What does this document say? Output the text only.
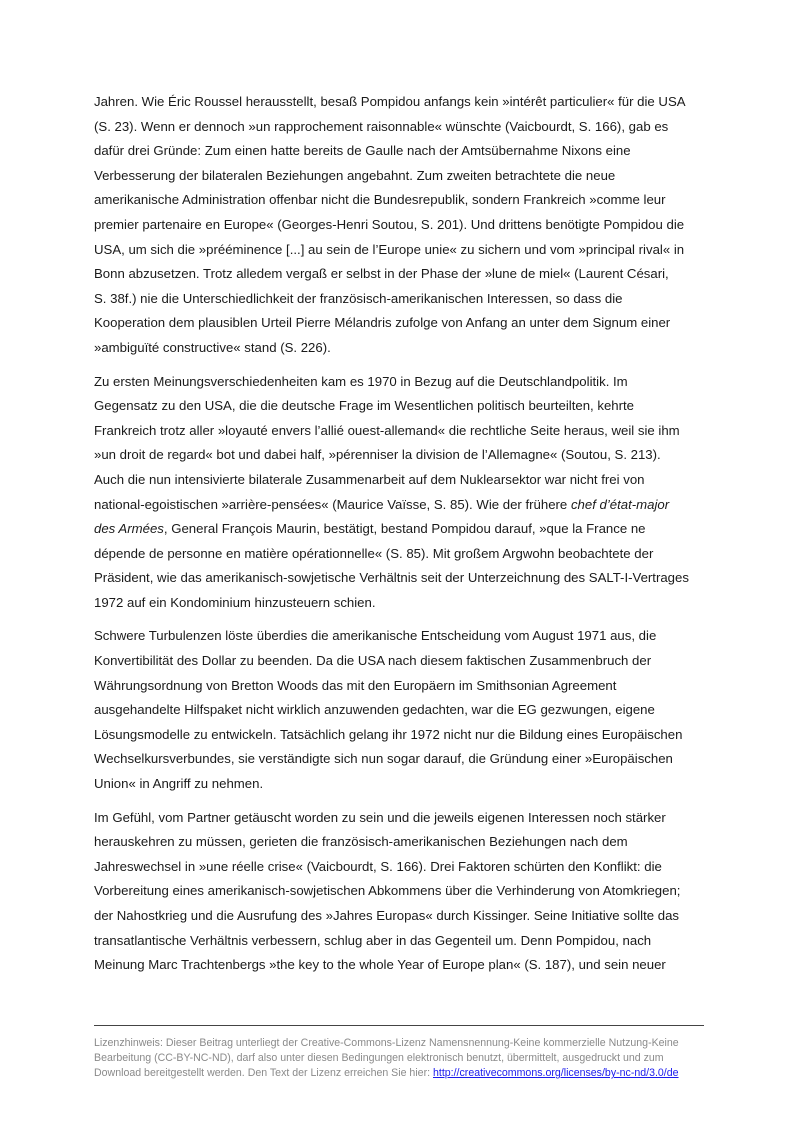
Jahren. Wie Éric Roussel herausstellt, besaß Pompidou anfangs kein »intérêt particulier« für die USA
(S. 23). Wenn er dennoch »un rapprochement raisonnable« wünschte (Vaicbourdt, S. 166), gab es
dafür drei Gründe: Zum einen hatte bereits de Gaulle nach der Amtsübernahme Nixons eine
Verbesserung der bilateralen Beziehungen angebahnt. Zum zweiten betrachtete die neue
amerikanische Administration offenbar nicht die Bundesrepublik, sondern Frankreich »comme leur
premier partenaire en Europe« (Georges-Henri Soutou, S. 201). Und drittens benötigte Pompidou die
USA, um sich die »prééminence [...] au sein de l’Europe unie« zu sichern und vom »principal rival« in
Bonn abzusetzen. Trotz alledem vergaß er selbst in der Phase der »lune de miel« (Laurent Césari,
S. 38f.) nie die Unterschiedlichkeit der französisch-amerikanischen Interessen, so dass die
Kooperation dem plausiblen Urteil Pierre Mélandris zufolge von Anfang an unter dem Signum einer
»ambiguïté constructive« stand (S. 226).

Zu ersten Meinungsverschiedenheiten kam es 1970 in Bezug auf die Deutschlandpolitik. Im
Gegensatz zu den USA, die die deutsche Frage im Wesentlichen politisch beurteilten, kehrte
Frankreich trotz aller »loyauté envers l’allié ouest-allemand« die rechtliche Seite heraus, weil sie ihm
»un droit de regard« bot und dabei half, »pérenniser la division de l’Allemagne« (Soutou, S. 213).
Auch die nun intensivierte bilaterale Zusammenarbeit auf dem Nuklearsektor war nicht frei von
national-egoistischen »arrière-pensées« (Maurice Vaïsse, S. 85). Wie der frühere chef d’état-major
des Armées, General François Maurin, bestätigt, bestand Pompidou darauf, »que la France ne
dépende de personne en matière opérationnelle« (S. 85). Mit großem Argwohn beobachtete der
Präsident, wie das amerikanisch-sowjetische Verhältnis seit der Unterzeichnung des SALT-I-Vertrages
1972 auf ein Kondominium hinzusteuern schien.

Schwere Turbulenzen löste überdies die amerikanische Entscheidung vom August 1971 aus, die
Konvertibilität des Dollar zu beenden. Da die USA nach diesem faktischen Zusammenbruch der
Währungsordnung von Bretton Woods das mit den Europäern im Smithsonian Agreement
ausgehandelte Hilfspaket nicht wirklich anzuwenden gedachten, war die EG gezwungen, eigene
Lösungsmodelle zu entwickeln. Tatsächlich gelang ihr 1972 nicht nur die Bildung eines Europäischen
Wechselkursverbundes, sie verständigte sich nun sogar darauf, die Gründung einer »Europäischen
Union« in Angriff zu nehmen.

Im Gefühl, vom Partner getäuscht worden zu sein und die jeweils eigenen Interessen noch stärker
herauskehren zu müssen, gerieten die französisch-amerikanischen Beziehungen nach dem
Jahreswechsel in »une réelle crise« (Vaicbourdt, S. 166). Drei Faktoren schürten den Konflikt: die
Vorbereitung eines amerikanisch-sowjetischen Abkommens über die Verhinderung von Atomkriegen;
der Nahostkrieg und die Ausrufung des »Jahres Europas« durch Kissinger. Seine Initiative sollte das
transatlantische Verhältnis verbessern, schlug aber in das Gegenteil um. Denn Pompidou, nach
Meinung Marc Trachtenbergs »the key to the whole Year of Europe plan« (S. 187), und sein neuer

Lizenzhinweis: Dieser Beitrag unterliegt der Creative-Commons-Lizenz Namensnennung-Keine kommerzielle Nutzung-Keine
Bearbeitung (CC-BY-NC-ND), darf also unter diesen Bedingungen elektronisch benutzt, übermittelt, ausgedruckt und zum
Download bereitgestellt werden. Den Text der Lizenz erreichen Sie hier: http://creativecommons.org/licenses/by-nc-nd/3.0/de
